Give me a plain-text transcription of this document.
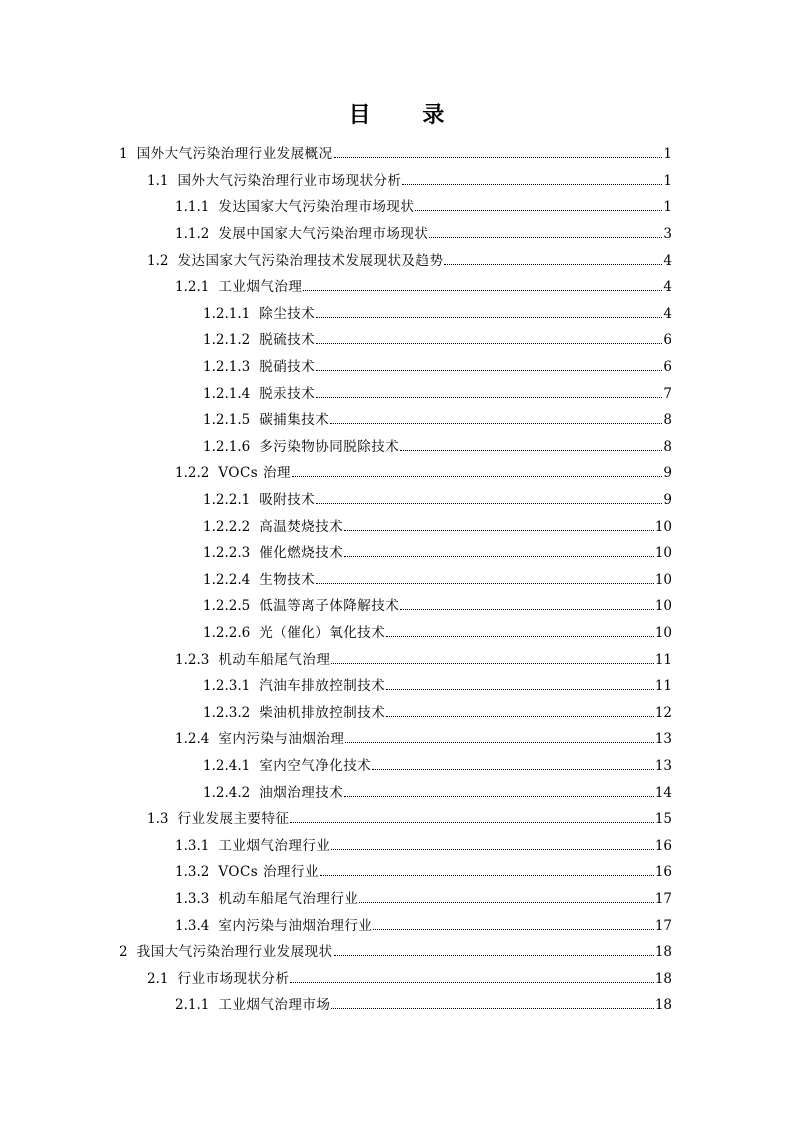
目 录
1 国外大气污染治理行业发展概况	1
1.1 国外大气污染治理行业市场现状分析	1
1.1.1 发达国家大气污染治理市场现状	1
1.1.2 发展中国家大气污染治理市场现状	3
1.2 发达国家大气污染治理技术发展现状及趋势	4
1.2.1 工业烟气治理	4
1.2.1.1 除尘技术	4
1.2.1.2 脱硫技术	6
1.2.1.3 脱硝技术	6
1.2.1.4 脱汞技术	7
1.2.1.5 碳捕集技术	8
1.2.1.6 多污染物协同脱除技术	8
1.2.2 VOCs 治理	9
1.2.2.1 吸附技术	9
1.2.2.2 高温焚烧技术	10
1.2.2.3 催化燃烧技术	10
1.2.2.4 生物技术	10
1.2.2.5 低温等离子体降解技术	10
1.2.2.6 光（催化）氧化技术	10
1.2.3 机动车船尾气治理	11
1.2.3.1 汽油车排放控制技术	11
1.2.3.2 柴油机排放控制技术	12
1.2.4 室内污染与油烟治理	13
1.2.4.1 室内空气净化技术	13
1.2.4.2 油烟治理技术	14
1.3 行业发展主要特征	15
1.3.1 工业烟气治理行业	16
1.3.2 VOCs 治理行业	16
1.3.3 机动车船尾气治理行业	17
1.3.4 室内污染与油烟治理行业	17
2 我国大气污染治理行业发展现状	18
2.1 行业市场现状分析	18
2.1.1 工业烟气治理市场	18
